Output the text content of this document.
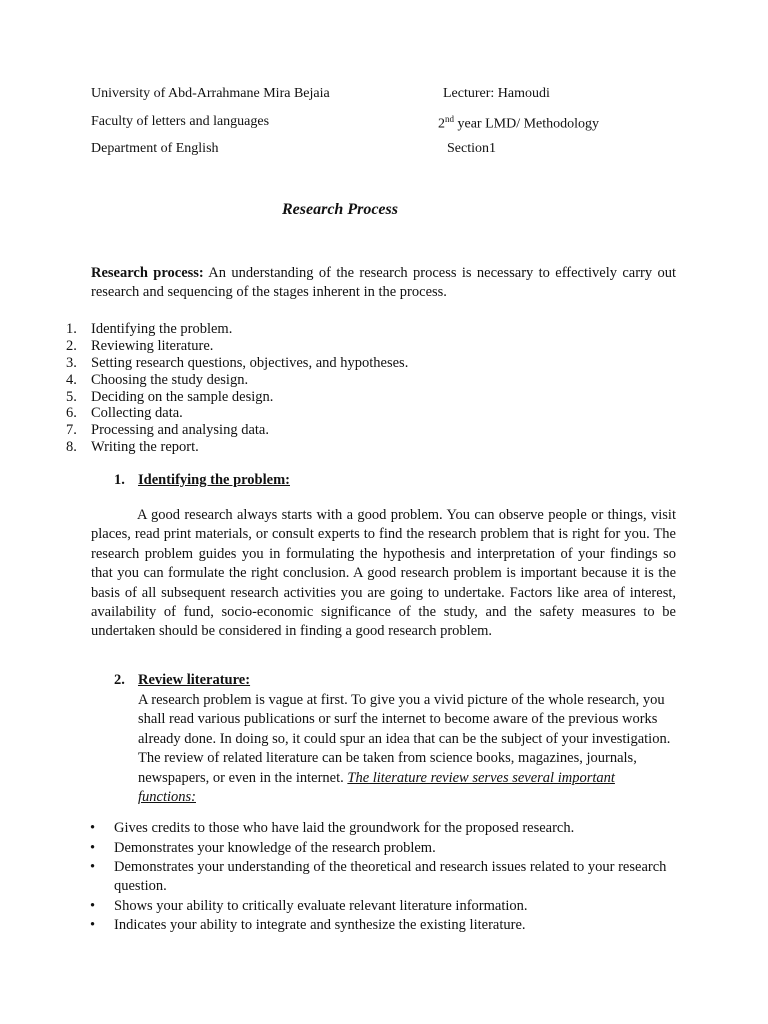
University of Abd-Arrahmane Mira Bejaia
Faculty of letters and languages
Department of English
Lecturer: Hamoudi
2nd year LMD/ Methodology
Section1
Research Process
Research process: An understanding of the research process is necessary to effectively carry out research and sequencing of the stages inherent in the process.
1. Identifying the problem.
2. Reviewing literature.
3. Setting research questions, objectives, and hypotheses.
4. Choosing the study design.
5. Deciding on the sample design.
6. Collecting data.
7. Processing and analysing data.
8. Writing the report.
1. Identifying the problem:
A good research always starts with a good problem. You can observe people or things, visit places, read print materials, or consult experts to find the research problem that is right for you. The research problem guides you in formulating the hypothesis and interpretation of your findings so that you can formulate the right conclusion. A good research problem is important because it is the basis of all subsequent research activities you are going to undertake. Factors like area of interest, availability of fund, socio-economic significance of the study, and the safety measures to be undertaken should be considered in finding a good research problem.
2. Review literature:
A research problem is vague at first. To give you a vivid picture of the whole research, you shall read various publications or surf the internet to become aware of the previous works already done. In doing so, it could spur an idea that can be the subject of your investigation. The review of related literature can be taken from science books, magazines, journals, newspapers, or even in the internet. The literature review serves several important functions:
• Gives credits to those who have laid the groundwork for the proposed research.
• Demonstrates your knowledge of the research problem.
• Demonstrates your understanding of the theoretical and research issues related to your research question.
• Shows your ability to critically evaluate relevant literature information.
• Indicates your ability to integrate and synthesize the existing literature.
